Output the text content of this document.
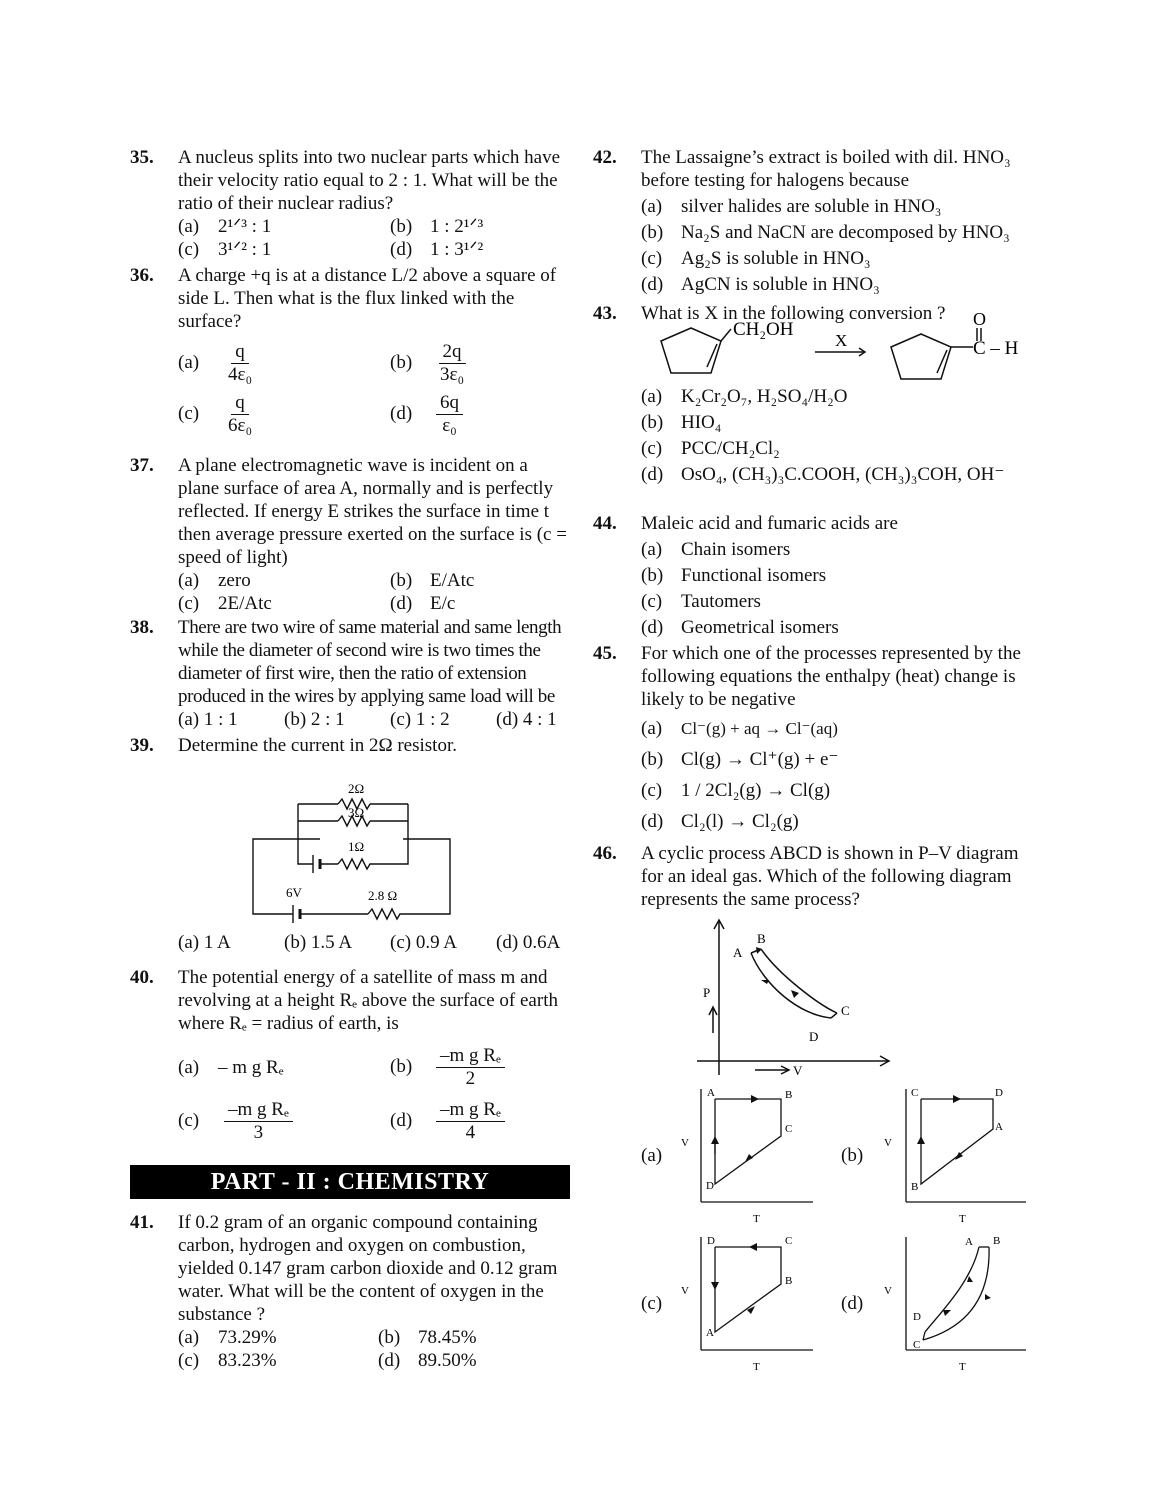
35. A nucleus splits into two nuclear parts which have their velocity ratio equal to 2 : 1. What will be the ratio of their nuclear radius?
(a) 2¹ᐟ³ : 1	(b) 1 : 2¹ᐟ³
(c) 3¹ᐟ² : 1	(d) 1 : 3¹ᐟ²
36. A charge +q is at a distance L/2 above a square of side L. Then what is the flux linked with the surface?
$(a) \frac{q}{\text{4ε₀}}$	$(b) \frac{2q}{\text{3ε₀}}$
$(c) \frac{q}{\text{6ε₀}}$	$(d) \frac{6q}{\text{ε₀}}$
37. A plane electromagnetic wave is incident on a plane surface of area A, normally and is perfectly reflected. If energy E strikes the surface in time t then average pressure exerted on the surface is (c = speed of light)
(a) zero	(b) E/Atc
(c) 2E/Atc	(d) E/c
38. There are two wire of same material and same length while the diameter of second wire is two times the diameter of first wire, then the ratio of extension produced in the wires by applying same load will be
(a) 1 : 1	(b) 2 : 1	(c) 1 : 2	(d) 4 : 1
39. Determine the current in 2Ω resistor.
2Ω
3Ω
1Ω
6V	2.8 Ω
(a) 1 A	(b) 1.5 A	(c) 0.9 A	(d) 0.6A
40. The potential energy of a satellite of mass m and revolving at a height Rₑ above the surface of earth where Rₑ = radius of earth, is
(a) – m g Rₑ	$(b) \frac{\text{–m g Rₑ}}{2}$
$(c) \frac{\text{–m g Rₑ}}{3}$	$(d) \frac{\text{–m g Rₑ}}{4}$
PART - II : CHEMISTRY
41. If 0.2 gram of an organic compound containing carbon, hydrogen and oxygen on combustion, yielded 0.147 gram carbon dioxide and 0.12 gram water. What will be the content of oxygen in the substance ?
(a) 73.29%	(b) 78.45%
(c) 83.23%	(d) 89.50%
42. The Lassaigne’s extract is boiled with dil. HNO₃ before testing for halogens because
(a) silver halides are soluble in HNO₃
(b) Na₂S and NaCN are decomposed by HNO₃
(c) Ag₂S is soluble in HNO₃
(d) AgCN is soluble in HNO₃
43. What is X in the following conversion ?
CH₂OH
X
O
C – H
(a) K₂Cr₂O₇, H₂SO₄/H₂O
(b) HIO₄
(c) PCC/CH₂Cl₂
(d) OsO₄, (CH₃)₃C.COOH, (CH₃)₃COH, OH⁻
44. Maleic acid and fumaric acids are
(a) Chain isomers
(b) Functional isomers
(c) Tautomers
(d) Geometrical isomers
45. For which one of the processes represented by the following equations the enthalpy (heat) change is likely to be negative
(a) Cl⁻(g) + aq → Cl⁻(aq)
(b) Cl(g) → Cl⁺(g) + e⁻
(c) 1 / 2Cl₂(g) → Cl(g)
(d) Cl₂(l) → Cl₂(g)
46. A cyclic process ABCD is shown in P–V diagram for an ideal gas. Which of the following diagram represents the same process?
P
V
A
B
C
D
(a)
V
T
A	B
C
D
(b)
V
T
C	D
A
B
(c)
V
T
D	C
B
A
(d)
V
T
A B
C
D
